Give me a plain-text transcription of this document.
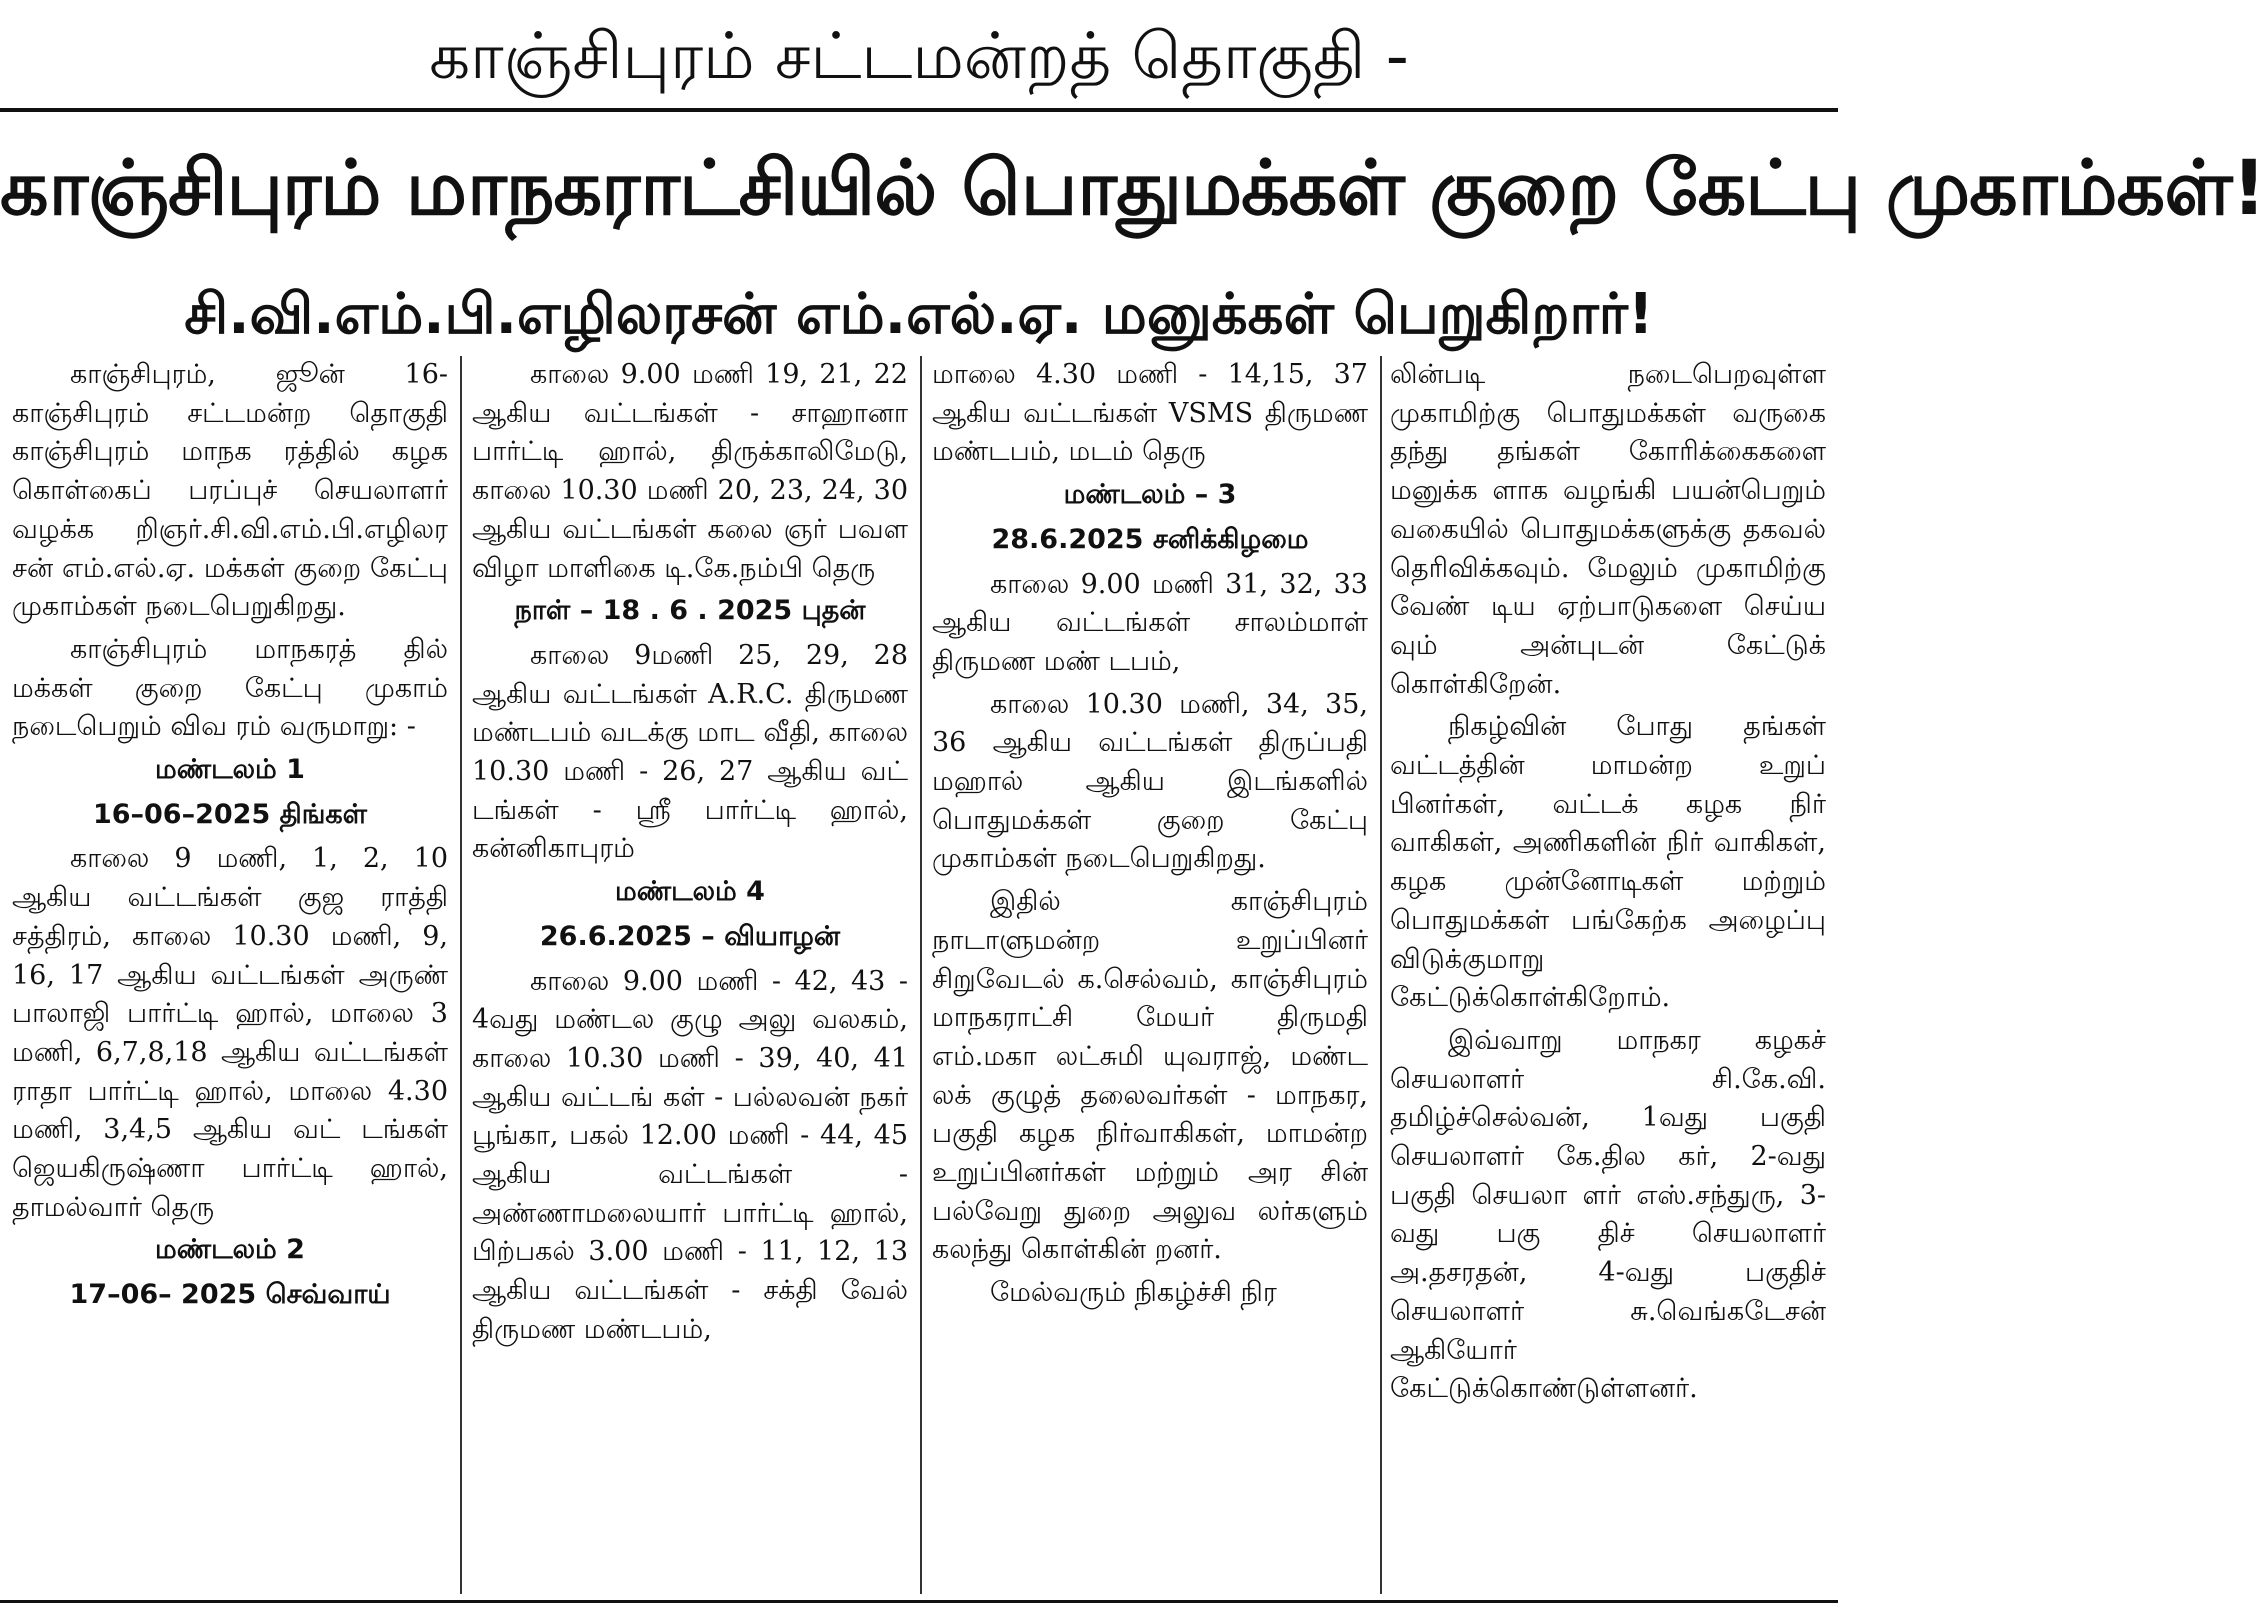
காஞ்சிபுரம் சட்டமன்றத் தொகுதி -
காஞ்சிபுரம் மாநகராட்சியில் பொதுமக்கள் குறை கேட்பு முகாம்கள்!
சி.வி.எம்.பி.எழிலரசன் எம்.எல்.ஏ. மனுக்கள் பெறுகிறார்!

காஞ்சிபுரம், ஜூன் 16- காஞ்சிபுரம் சட்டமன்ற தொகுதி காஞ்சிபுரம் மாநக ரத்தில் கழக கொள்கைப் பரப்புச் செயலாளர் வழக்க றிஞர்.சி.வி.எம்.பி.எழிலர சன் எம்.எல்.ஏ. மக்கள் குறை கேட்பு முகாம்கள் நடைபெறுகிறது.

காஞ்சிபுரம் மாநகரத் தில் மக்கள் குறை கேட்பு முகாம் நடைபெறும் விவ ரம் வருமாறு: -

மண்டலம் 1
16–06–2025 திங்கள்

காலை 9 மணி, 1, 2, 10 ஆகிய வட்டங்கள் குஜ ராத்தி சத்திரம், காலை 10.30 மணி, 9, 16, 17 ஆகிய வட்டங்கள் அருண் பாலாஜி பார்ட்டி ஹால், மாலை 3 மணி, 6,7,8,18 ஆகிய வட்டங்கள் ராதா பார்ட்டி ஹால், மாலை 4.30 மணி, 3,4,5 ஆகிய வட் டங்கள் ஜெயகிருஷ்ணா பார்ட்டி ஹால், தாமல்வார் தெரு

மண்டலம் 2
17–06– 2025 செவ்வாய்

காலை 9.00 மணி 19, 21, 22 ஆகிய வட்டங்கள் - சாஹானா பார்ட்டி ஹால், திருக்காலிமேடு, காலை 10.30 மணி 20, 23, 24, 30 ஆகிய வட்டங்கள் கலை ஞர் பவள விழா மாளிகை டி.கே.நம்பி தெரு

நாள் – 18 . 6 . 2025 புதன்

காலை 9மணி 25, 29, 28 ஆகிய வட்டங்கள் A.R.C. திருமண மண்டபம் வடக்கு மாட வீதி, காலை 10.30 மணி - 26, 27 ஆகிய வட் டங்கள் - ஸ்ரீ பார்ட்டி ஹால், கன்னிகாபுரம்

மண்டலம் 4
26.6.2025 – வியாழன்

காலை 9.00 மணி - 42, 43 - 4வது மண்டல குழு அலு வலகம், காலை 10.30 மணி - 39, 40, 41 ஆகிய வட்டங் கள் - பல்லவன் நகர் பூங்கா, பகல் 12.00 மணி - 44, 45 ஆகிய வட்டங்கள் - அண்ணாமலையார் பார்ட்டி ஹால், பிற்பகல் 3.00 மணி - 11, 12, 13 ஆகிய வட்டங்கள் - சக்தி வேல் திருமண மண்டபம்,

மாலை 4.30 மணி - 14,15, 37 ஆகிய வட்டங்கள் VSMS திருமண மண்டபம், மடம் தெரு

மண்டலம் – 3
28.6.2025 சனிக்கிழமை

காலை 9.00 மணி 31, 32, 33 ஆகிய வட்டங்கள் சாலம்மாள் திருமண மண் டபம்,

காலை 10.30 மணி, 34, 35, 36 ஆகிய வட்டங்கள் திருப்பதி மஹால் ஆகிய இடங்களில் பொதுமக்கள் குறை கேட்பு முகாம்கள் நடைபெறுகிறது.

இதில் காஞ்சிபுரம் நாடாளுமன்ற உறுப்பினர் சிறுவேடல் க.செல்வம், காஞ்சிபுரம் மாநகராட்சி மேயர் திருமதி எம்.மகா லட்சுமி யுவராஜ், மண்ட லக் குழுத் தலைவர்கள் - மாநகர, பகுதி கழக நிர்வாகிகள், மாமன்ற உறுப்பினர்கள் மற்றும் அர சின் பல்வேறு துறை அலுவ லர்களும் கலந்து கொள்கின் றனர்.

மேல்வரும் நிகழ்ச்சி நிர

லின்படி நடைபெறவுள்ள முகாமிற்கு பொதுமக்கள் வருகை தந்து தங்கள் கோரிக்கைகளை மனுக்க ளாக வழங்கி பயன்பெறும் வகையில் பொதுமக்களுக்கு தகவல் தெரிவிக்கவும். மேலும் முகாமிற்கு வேண் டிய ஏற்பாடுகளை செய்ய வும் அன்புடன் கேட்டுக் கொள்கிறேன்.

நிகழ்வின் போது தங்கள் வட்டத்தின் மாமன்ற உறுப் பினர்கள், வட்டக் கழக நிர் வாகிகள், அணிகளின் நிர் வாகிகள், கழக முன்னோடிகள் மற்றும் பொதுமக்கள் பங்கேற்க அழைப்பு விடுக்குமாறு கேட்டுக்கொள்கிறோம்.

இவ்வாறு மாநகர கழகச் செயலாளர் சி.கே.வி. தமிழ்ச்செல்வன், 1வது பகுதி செயலாளர் கே.தில கர், 2-வது பகுதி செயலா ளர் எஸ்.சந்துரு, 3-வது பகு திச் செயலாளர் அ.தசரதன், 4-வது பகுதிச் செயலாளர் சு.வெங்கடேசன் ஆகியோர் கேட்டுக்கொண்டுள்ளனர்.
